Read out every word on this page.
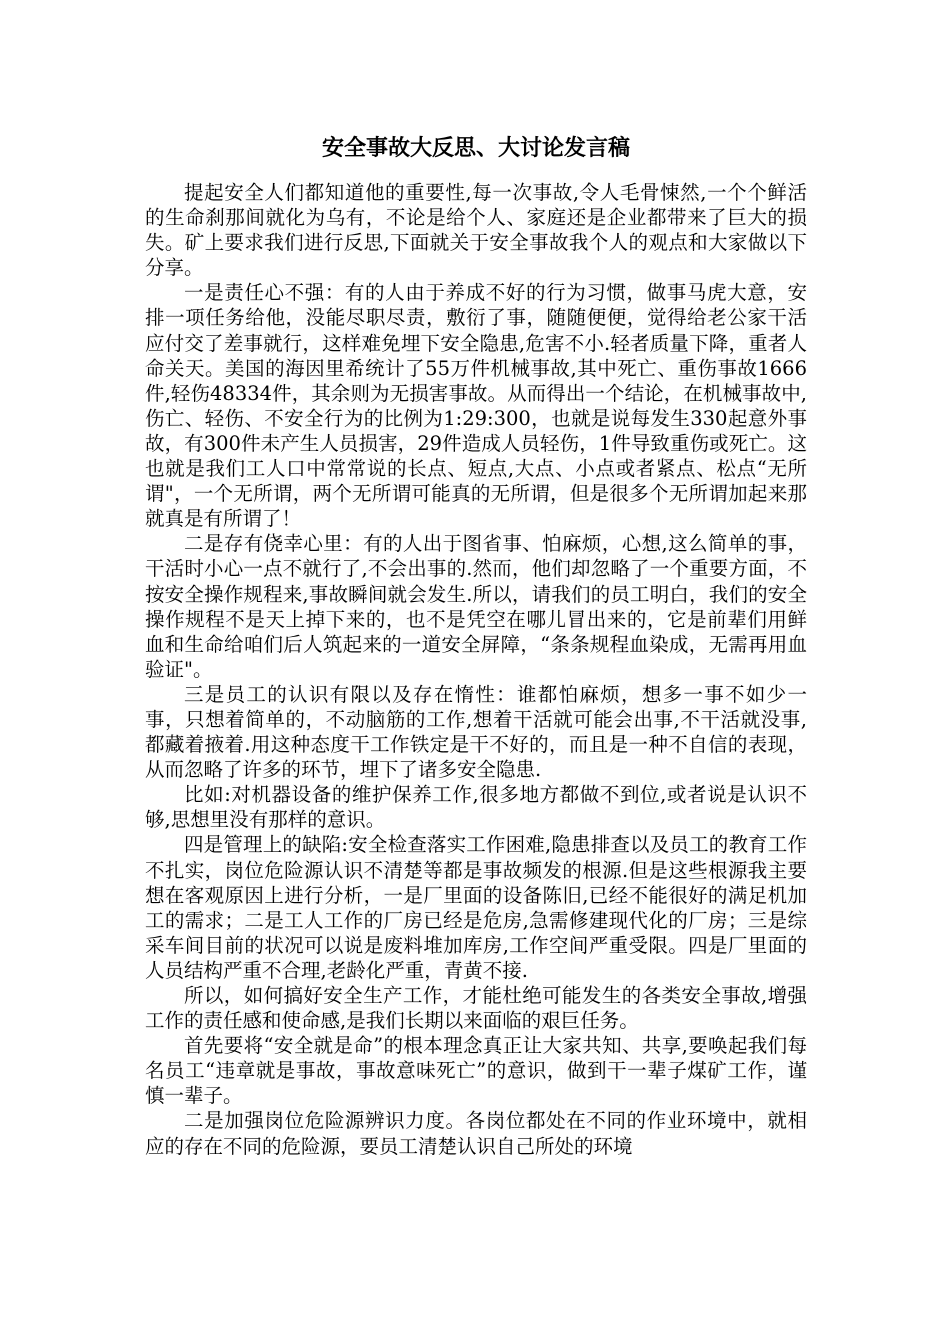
安全事故大反思、大讨论发言稿

提起安全人们都知道他的重要性,每一次事故,令人毛骨悚然,一个个鲜活的生命刹那间就化为乌有，不论是给个人、家庭还是企业都带来了巨大的损失。矿上要求我们进行反思,下面就关于安全事故我个人的观点和大家做以下分享。

一是责任心不强：有的人由于养成不好的行为习惯，做事马虎大意，安排一项任务给他，没能尽职尽责，敷衍了事，随随便便，觉得给老公家干活应付交了差事就行，这样难免埋下安全隐患,危害不小.轻者质量下降，重者人命关天。美国的海因里希统计了55万件机械事故,其中死亡、重伤事故1666件,轻伤48334件，其余则为无损害事故。从而得出一个结论，在机械事故中,伤亡、轻伤、不安全行为的比例为1:29:300，也就是说每发生330起意外事故，有300件未产生人员损害，29件造成人员轻伤，1件导致重伤或死亡。这也就是我们工人口中常常说的长点、短点,大点、小点或者紧点、松点“无所谓"，一个无所谓，两个无所谓可能真的无所谓，但是很多个无所谓加起来那就真是有所谓了！

二是存有侥幸心里：有的人出于图省事、怕麻烦，心想,这么简单的事，干活时小心一点不就行了,不会出事的.然而，他们却忽略了一个重要方面，不按安全操作规程来,事故瞬间就会发生.所以，请我们的员工明白，我们的安全操作规程不是天上掉下来的，也不是凭空在哪儿冒出来的，它是前辈们用鲜血和生命给咱们后人筑起来的一道安全屏障，“条条规程血染成，无需再用血验证"。

三是员工的认识有限以及存在惰性：谁都怕麻烦，想多一事不如少一事，只想着简单的，不动脑筋的工作,想着干活就可能会出事,不干活就没事,都藏着掖着.用这种态度干工作铁定是干不好的，而且是一种不自信的表现，从而忽略了许多的环节，埋下了诸多安全隐患.

比如:对机器设备的维护保养工作,很多地方都做不到位,或者说是认识不够,思想里没有那样的意识。

四是管理上的缺陷:安全检查落实工作困难,隐患排查以及员工的教育工作不扎实，岗位危险源认识不清楚等都是事故频发的根源.但是这些根源我主要想在客观原因上进行分析，一是厂里面的设备陈旧,已经不能很好的满足机加工的需求；二是工人工作的厂房已经是危房,急需修建现代化的厂房；三是综采车间目前的状况可以说是废料堆加库房,工作空间严重受限。四是厂里面的人员结构严重不合理,老龄化严重，青黄不接.

所以，如何搞好安全生产工作，才能杜绝可能发生的各类安全事故,增强工作的责任感和使命感,是我们长期以来面临的艰巨任务。

首先要将“安全就是命”的根本理念真正让大家共知、共享,要唤起我们每名员工“违章就是事故，事故意味死亡”的意识，做到干一辈子煤矿工作，谨慎一辈子。

二是加强岗位危险源辨识力度。各岗位都处在不同的作业环境中，就相应的存在不同的危险源，要员工清楚认识自己所处的环境
